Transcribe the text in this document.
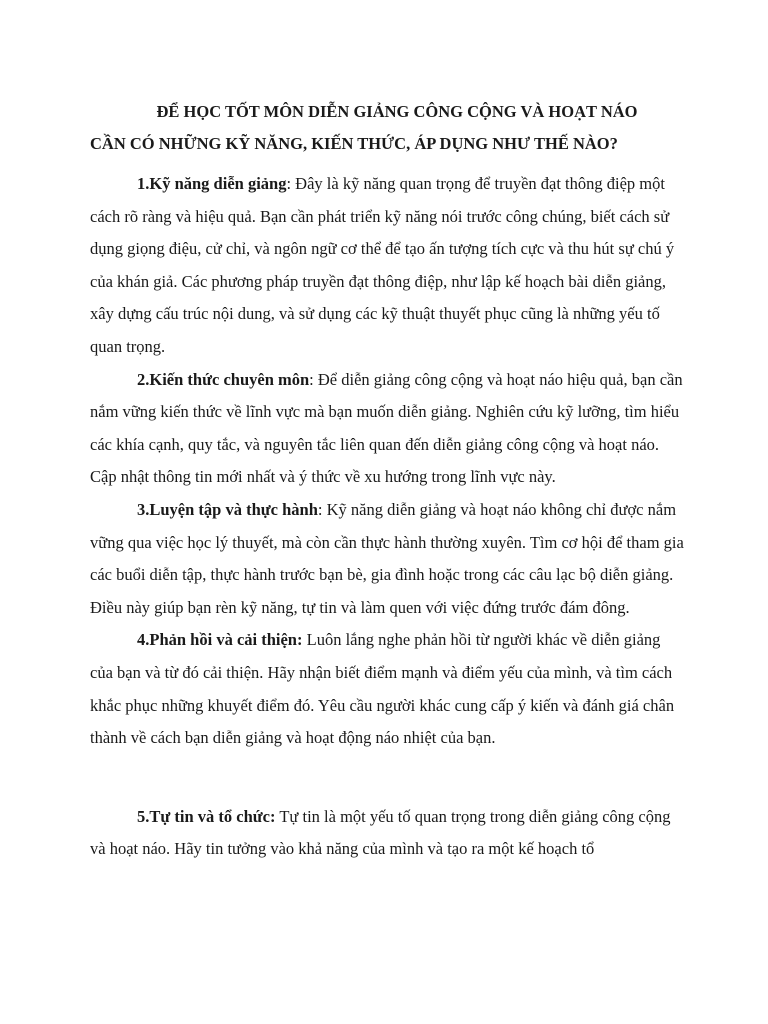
ĐỂ HỌC TỐT MÔN DIỄN GIẢNG CÔNG CỘNG VÀ HOẠT NÁO
CẦN CÓ NHỮNG KỸ NĂNG, KIẾN THỨC, ÁP DỤNG NHƯ THẾ NÀO?

1.Kỹ năng diễn giảng: Đây là kỹ năng quan trọng để truyền đạt thông điệp một cách rõ ràng và hiệu quả. Bạn cần phát triển kỹ năng nói trước công chúng, biết cách sử dụng giọng điệu, cử chỉ, và ngôn ngữ cơ thể để tạo ấn tượng tích cực và thu hút sự chú ý của khán giả. Các phương pháp truyền đạt thông điệp, như lập kế hoạch bài diễn giảng, xây dựng cấu trúc nội dung, và sử dụng các kỹ thuật thuyết phục cũng là những yếu tố quan trọng.

2.Kiến thức chuyên môn: Để diễn giảng công cộng và hoạt náo hiệu quả, bạn cần nắm vững kiến thức về lĩnh vực mà bạn muốn diễn giảng. Nghiên cứu kỹ lưỡng, tìm hiểu các khía cạnh, quy tắc, và nguyên tắc liên quan đến diễn giảng công cộng và hoạt náo. Cập nhật thông tin mới nhất và ý thức về xu hướng trong lĩnh vực này.

3.Luyện tập và thực hành: Kỹ năng diễn giảng và hoạt náo không chỉ được nắm vững qua việc học lý thuyết, mà còn cần thực hành thường xuyên. Tìm cơ hội để tham gia các buổi diễn tập, thực hành trước bạn bè, gia đình hoặc trong các câu lạc bộ diễn giảng. Điều này giúp bạn rèn kỹ năng, tự tin và làm quen với việc đứng trước đám đông.

4.Phản hồi và cải thiện: Luôn lắng nghe phản hồi từ người khác về diễn giảng của bạn và từ đó cải thiện. Hãy nhận biết điểm mạnh và điểm yếu của mình, và tìm cách khắc phục những khuyết điểm đó. Yêu cầu người khác cung cấp ý kiến và đánh giá chân thành về cách bạn diễn giảng và hoạt động náo nhiệt của bạn.

5.Tự tin và tổ chức: Tự tin là một yếu tố quan trọng trong diễn giảng công cộng và hoạt náo. Hãy tin tưởng vào khả năng của mình và tạo ra một kế hoạch tổ
